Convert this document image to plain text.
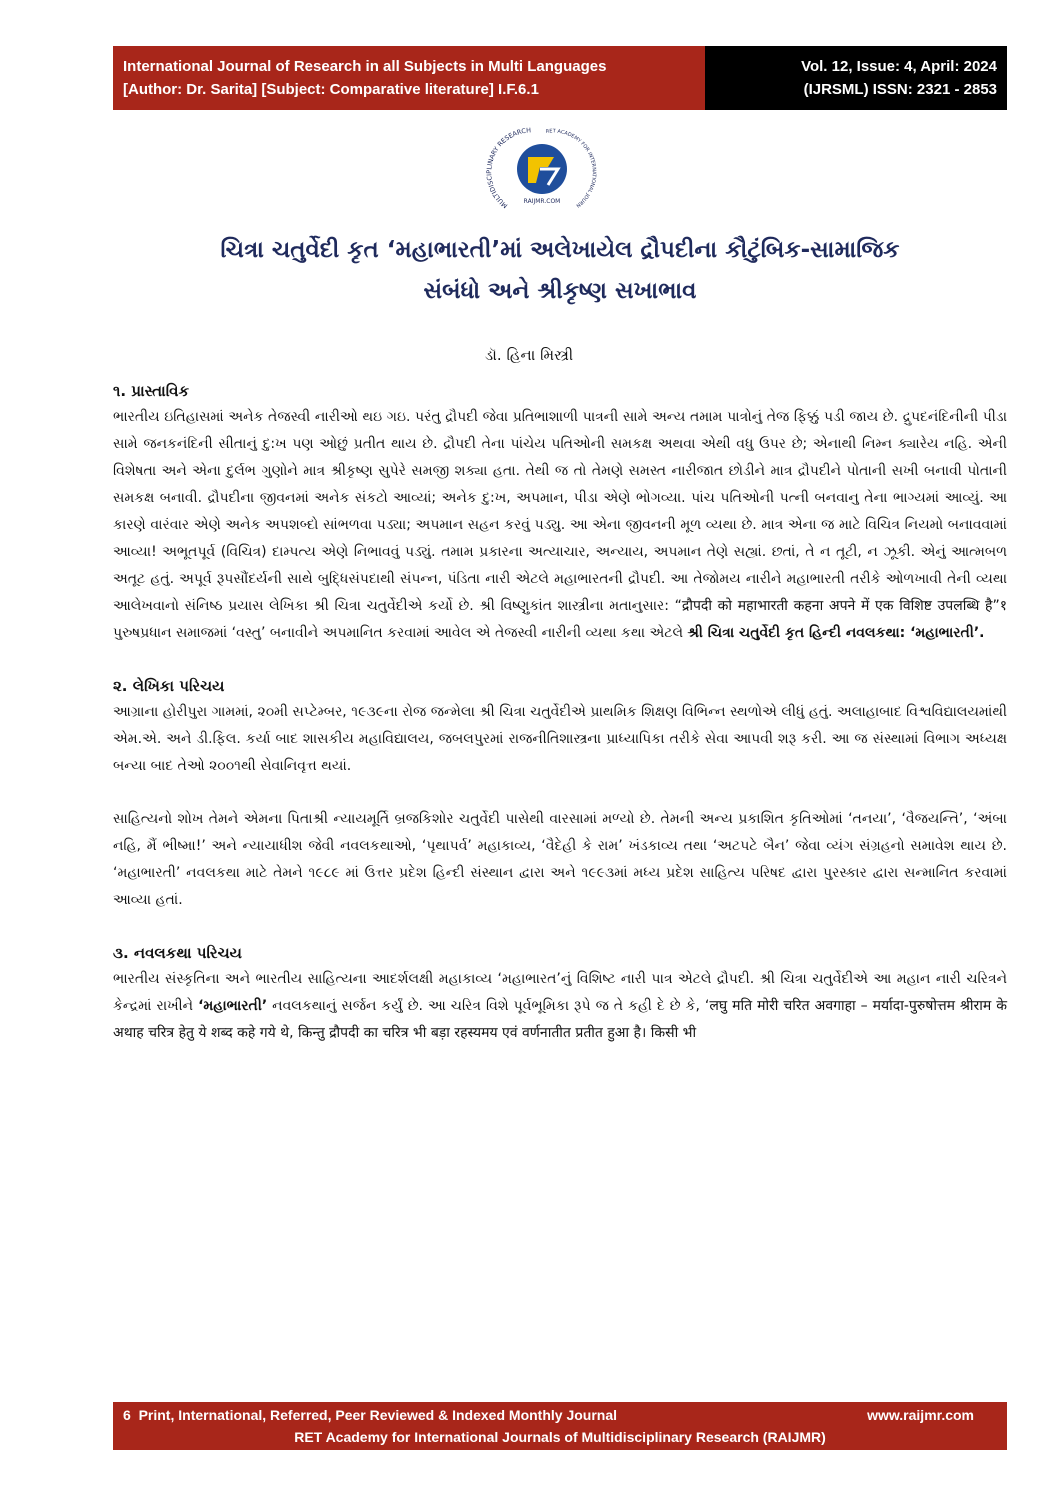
International Journal of Research in all Subjects in Multi Languages
[Author: Dr. Sarita] [Subject: Comparative literature] I.F.6.1
Vol. 12, Issue: 4, April: 2024
(IJRSML) ISSN: 2321 - 2853
MULTIDISCIPLINARY RESEARCH	RET ACADEMY FOR INTERNATIONAL JOURN
RAIJMR.COM
ચિત્રા ચતુર્વેદી કૃત ‘મહાભારતી’માં અલેખાયેલ દ્રૌપદીના કૌટુંબિક-સામાજિક
સંબંધો અને શ્રીકૃષ્ણ સખાભાવ
ડૉ. હિના મિસ્ત્રી
૧. પ્રાસ્તાવિક

ભારતીય ઇતિહાસમાં અનેક તેજસ્વી નારીઓ થઇ ગઇ. પરંતુ દ્રૌપદી જેવા પ્રતિભાશાળી પાત્રની સામે અન્ય તમામ પાત્રોનું તેજ ફિક્કું પડી જાય છે. દ્રુપદનંદિનીની પીડા સામે જનકનંદિની સીતાનું દુ:ખ પણ ઓછું પ્રતીત થાય છે. દ્રૌપદી તેના પાંચેય પતિઓની સમકક્ષ અથવા એથી વધુ ઉપર છે; એનાથી નિમ્ન ક્યારેય નહિ. એની વિશેષતા અને એના દુર્લભ ગુણોને માત્ર શ્રીકૃષ્ણ સુપેરે સમજી શક્યા હતા. તેથી જ તો તેમણે સમસ્ત નારીજાત છોડીને માત્ર દ્રૌપદીને પોતાની સખી બનાવી પોતાની સમકક્ષ બનાવી. દ્રૌપદીના જીવનમાં અનેક સંકટો આવ્યાં; અનેક દુ:ખ, અપમાન, પીડા એણે ભોગવ્યા. પાંચ પતિઓની પત્ની બનવાનુ તેના ભાગ્યમાં આવ્યું. આ કારણે વારંવાર એણે અનેક અપશબ્દો સાંભળવા પડ્યા; અપમાન સહન કરવું પડ્યુ. આ એના જીવનની મૂળ વ્યથા છે. માત્ર એના જ માટે વિચિત્ર નિયમો બનાવવામાં આવ્યા! અભૂતપૂર્વ (વિચિત્ર) દામ્પત્ય એણે નિભાવવું પડ્યું. તમામ પ્રકારના અત્યાચાર, અન્યાય, અપમાન તેણે સહ્યાં. છતાં, તે ન તૂટી, ન ઝૂકી. એનું આત્મબળ અતૂટ હતું. અપૂર્વ રૂપસૌંદર્યની સાથે બુદ્ધિસંપદાથી સંપન્ન, પંડિતા નારી એટલે મહાભારતની દ્રૌપદી. આ તેજોમય નારીને મહાભારતી તરીકે ઓળખાવી તેની વ્યથા આલેખવાનો સંનિષ્ઠ પ્રયાસ લેખિકા શ્રી ચિત્રા ચતુર્વેદીએ કર્યો છે. શ્રી વિષ્ણુકાંત શાસ્ત્રીના મતાનુસાર: “द्रौपदी को महाभारती कहना अपने में एक विशिष्ट उपलब्धि है”१ પુરુષપ્રધાન સમાજમાં ‘વસ્તુ’ બનાવીને અપમાનિત કરવામાં આવેલ એ તેજસ્વી નારીની વ્યથા કથા એટલે શ્રી ચિત્રા ચતુર્વેદી કૃત હિન્દી નવલકથા: ‘મહાભારતી’.

૨. લેખિકા પરિચય

આગ્રાના હોરીપુરા ગામમાં, ૨૦મી સપ્ટેમ્બર, ૧૯૩૯ના રોજ જન્મેલા શ્રી ચિત્રા ચતુર્વેદીએ પ્રાથમિક શિક્ષણ વિભિન્ન સ્થળોએ લીધું હતું. અલાહાબાદ વિશ્વવિદ્યાલયમાંથી એમ.એ. અને ડી.ફિલ. કર્યા બાદ શાસકીય મહાવિદ્યાલય, જબલપુરમાં રાજનીતિશાસ્ત્રના પ્રાધ્યાપિકા તરીકે સેવા આપવી શરૂ કરી. આ જ સંસ્થામાં વિભાગ અધ્યક્ષ બન્યા બાદ તેઓ ૨૦૦૧થી સેવાનિવૃત્ત થયાં.

સાહિત્યનો શોખ તેમને એમના પિતાશ્રી ન્યાયમૂર્તિ બ્રજકિશોર ચતુર્વેદી પાસેથી વારસામાં મળ્યો છે. તેમની અન્ય પ્રકાશિત કૃતિઓમાં ‘તનયા’, ‘વૈજયન્તિ’, ‘અંબા નહિ, મૈં ભીષ્મા!’ અને ન્યાયાધીશ જેવી નવલકથાઓ, ‘પૃથાપર્વ’ મહાકાવ્ય, ‘વૈદેહી કે રામ’ ખંડકાવ્ય તથા ‘અટપટે બૈન’ જેવા વ્યંગ સંગ્રહનો સમાવેશ થાય છે. ‘મહાભારતી’ નવલકથા માટે તેમને ૧૯૮૯ માં ઉત્તર પ્રદેશ હિન્દી સંસ્થાન દ્વારા અને ૧૯૯૩માં મધ્ય પ્રદેશ સાહિત્ય પરિષદ દ્વારા પુરસ્કાર દ્વારા સન્માનિત કરવામાં આવ્યા હતાં.

૩. નવલકથા પરિચય

ભારતીય સંસ્કૃતિના અને ભારતીય સાહિત્યના આદર્શલક્ષી મહાકાવ્ય ‘મહાભારત’નું વિશિષ્ટ નારી પાત્ર એટલે દ્રૌપદી. શ્રી ચિત્રા ચતુર્વેદીએ આ મહાન નારી ચરિત્રને કેન્દ્રમાં રાખીને ‘મહાભારતી’ નવલકથાનું સર્જન કર્યું છે. આ ચરિત્ર વિશે પૂર્વભૂમિકા રૂપે જ તે કહી દે છે કે, ‘लघु मति मोरी चरित अवगाहा – मर्यादा-पुरुषोत्तम श्रीराम के अथाह चरित्र हेतु ये शब्द कहे गये थे, किन्तु द्रौपदी का चरित्र भी बड़ा रहस्यमय एवं वर्णनातीत प्रतीत हुआ है। किसी भी

6 Print, International, Referred, Peer Reviewed & Indexed Monthly Journal	www.raijmr.com
RET Academy for International Journals of Multidisciplinary Research (RAIJMR)
